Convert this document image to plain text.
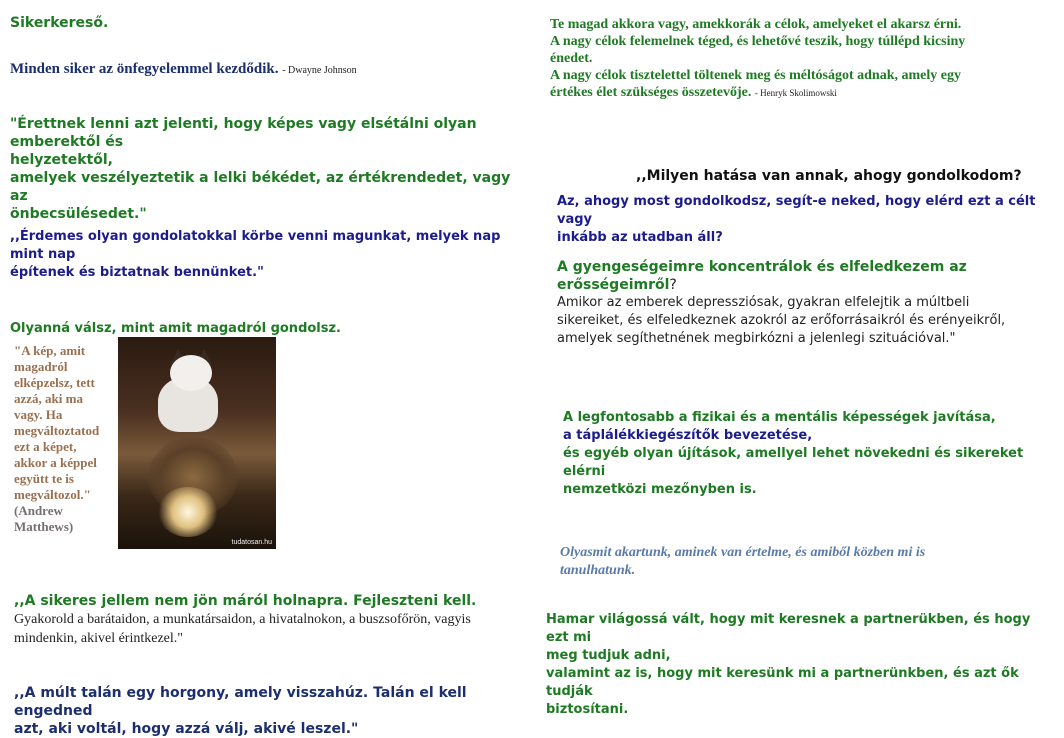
Sikerkereső.
Minden siker az önfegyelemmel kezdődik. - Dwayne Johnson
"Érettnek lenni azt jelenti, hogy képes vagy elsétálni olyan emberektől és
helyzetektől,
amelyek veszélyeztetik a lelki békédet, az értékrendedet, vagy az
önbecsülésedet."
,,Érdemes olyan gondolatokkal körbe venni magunkat, melyek nap mint nap
építenek és biztatnak bennünket."
Olyanná válsz, mint amit magadról gondolsz.
"A kép, amit
magadról
elképzelsz, tett
azzá, aki ma
vagy. Ha
megváltoztatod
ezt a képet,
akkor a képpel
együtt te is
megváltozol."
(Andrew
Matthews)
tudatosan.hu
,,A sikeres jellem nem jön máról holnapra. Fejleszteni kell.
Gyakorold a barátaidon, a munkatársaidon, a hivatalnokon, a buszsofőrön, vagyis
mindenkin, akivel érintkezel."
,,A múlt talán egy horgony, amely visszahúz. Talán el kell engedned
azt, aki voltál, hogy azzá válj, akivé leszel."
Te magad akkora vagy, amekkorák a célok, amelyeket el akarsz érni.
A nagy célok felemelnek téged, és lehetővé teszik, hogy túllépd kicsiny
énedet.
A nagy célok tisztelettel töltenek meg és méltóságot adnak, amely egy
értékes élet szükséges összetevője. - Henryk Skolimowski
,,Milyen hatása van annak, ahogy gondolkodom?
Az, ahogy most gondolkodsz, segít-e neked, hogy elérd ezt a célt vagy
inkább az utadban áll?
A gyengeségeimre koncentrálok és elfeledkezem az
erősségeimről?
Amikor az emberek depressziósak, gyakran elfelejtik a múltbeli
sikereiket, és elfeledkeznek azokról az erőforrásaikról és erényeikről,
amelyek segíthetnének megbirkózni a jelenlegi szituációval."
A legfontosabb a fizikai és a mentális képességek javítása,
a táplálékkiegészítők bevezetése,
és egyéb olyan újítások, amellyel lehet növekedni és sikereket elérni
nemzetközi mezőnyben is.
Olyasmit akartunk, aminek van értelme, és amiből közben mi is
tanulhatunk.
Hamar világossá vált, hogy mit keresnek a partnerükben, és hogy ezt mi
meg tudjuk adni,
valamint az is, hogy mit keresünk mi a partnerünkben, és azt ők tudják
biztosítani.
